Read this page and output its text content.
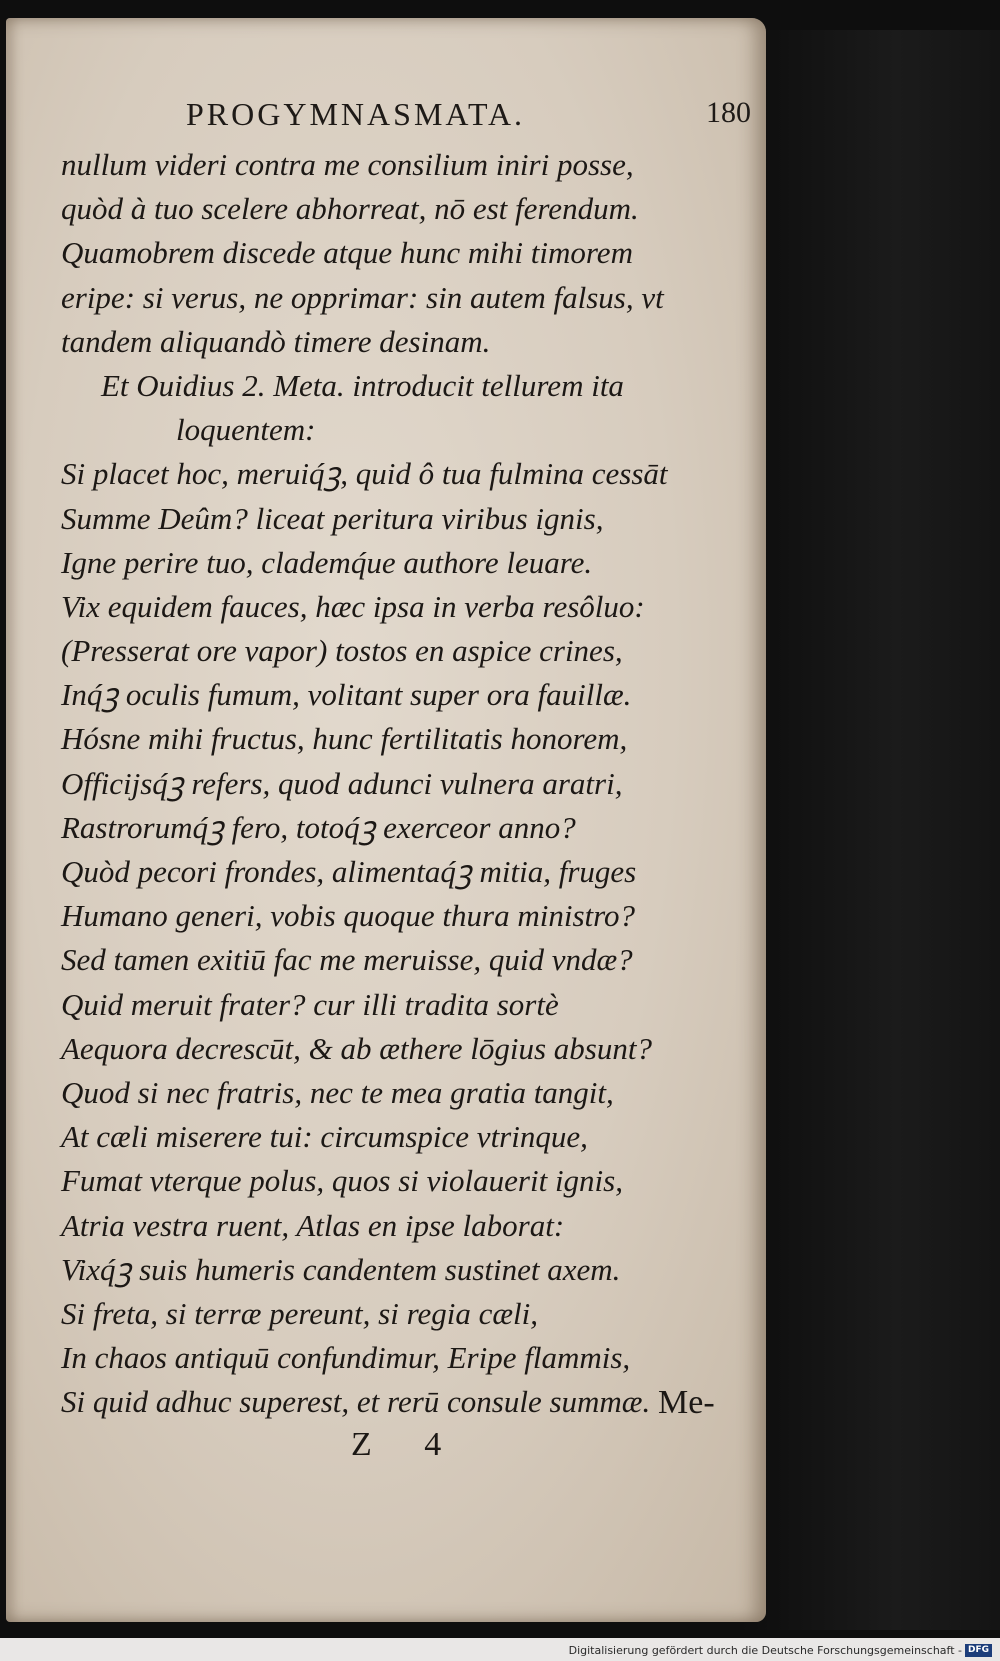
PROGYMNASMATA.	180
nullum videri contra me consilium iniri posse,
quòd à tuo scelere abhorreat, nō est ferendum.
Quamobrem discede atque hunc mihi timorem
eripe: si verus, ne opprimar: sin autem falsus, vt
tandem aliquandò timere desinam.
Et Ouidius 2. Meta. introducit tellurem ita
loquentem:
Si placet hoc, meruiq́ꝫ, quid ô tua fulmina cessāt
Summe Deûm? liceat peritura viribus ignis,
Igne perire tuo, clademq́ue authore leuare.
Vix equidem fauces, hæc ipsa in verba resôluo:
(Presserat ore vapor) tostos en aspice crines,
Inq́ꝫ oculis fumum, volitant super ora fauillæ.
Hósne mihi fructus, hunc fertilitatis honorem,
Officijsq́ꝫ refers, quod adunci vulnera aratri,
Rastrorumq́ꝫ fero, totoq́ꝫ exerceor anno?
Quòd pecori frondes, alimentaq́ꝫ mitia, fruges
Humano generi, vobis quoque thura ministro?
Sed tamen exitiū fac me meruisse, quid vndæ?
Quid meruit frater? cur illi tradita sortè
Aequora decrescūt, & ab æthere lōgius absunt?
Quod si nec fratris, nec te mea gratia tangit,
At cæli miserere tui: circumspice vtrinque,
Fumat vterque polus, quos si violauerit ignis,
Atria vestra ruent, Atlas en ipse laborat:
Vixq́ꝫ suis humeris candentem sustinet axem.
Si freta, si terræ pereunt, si regia cæli,
In chaos antiquū confundimur, Eripe flammis,
Si quid adhuc superest, et rerū consule summæ.
Z 4
Me-
Digitalisierung gefördert durch die Deutsche Forschungsgemeinschaft - DFG
